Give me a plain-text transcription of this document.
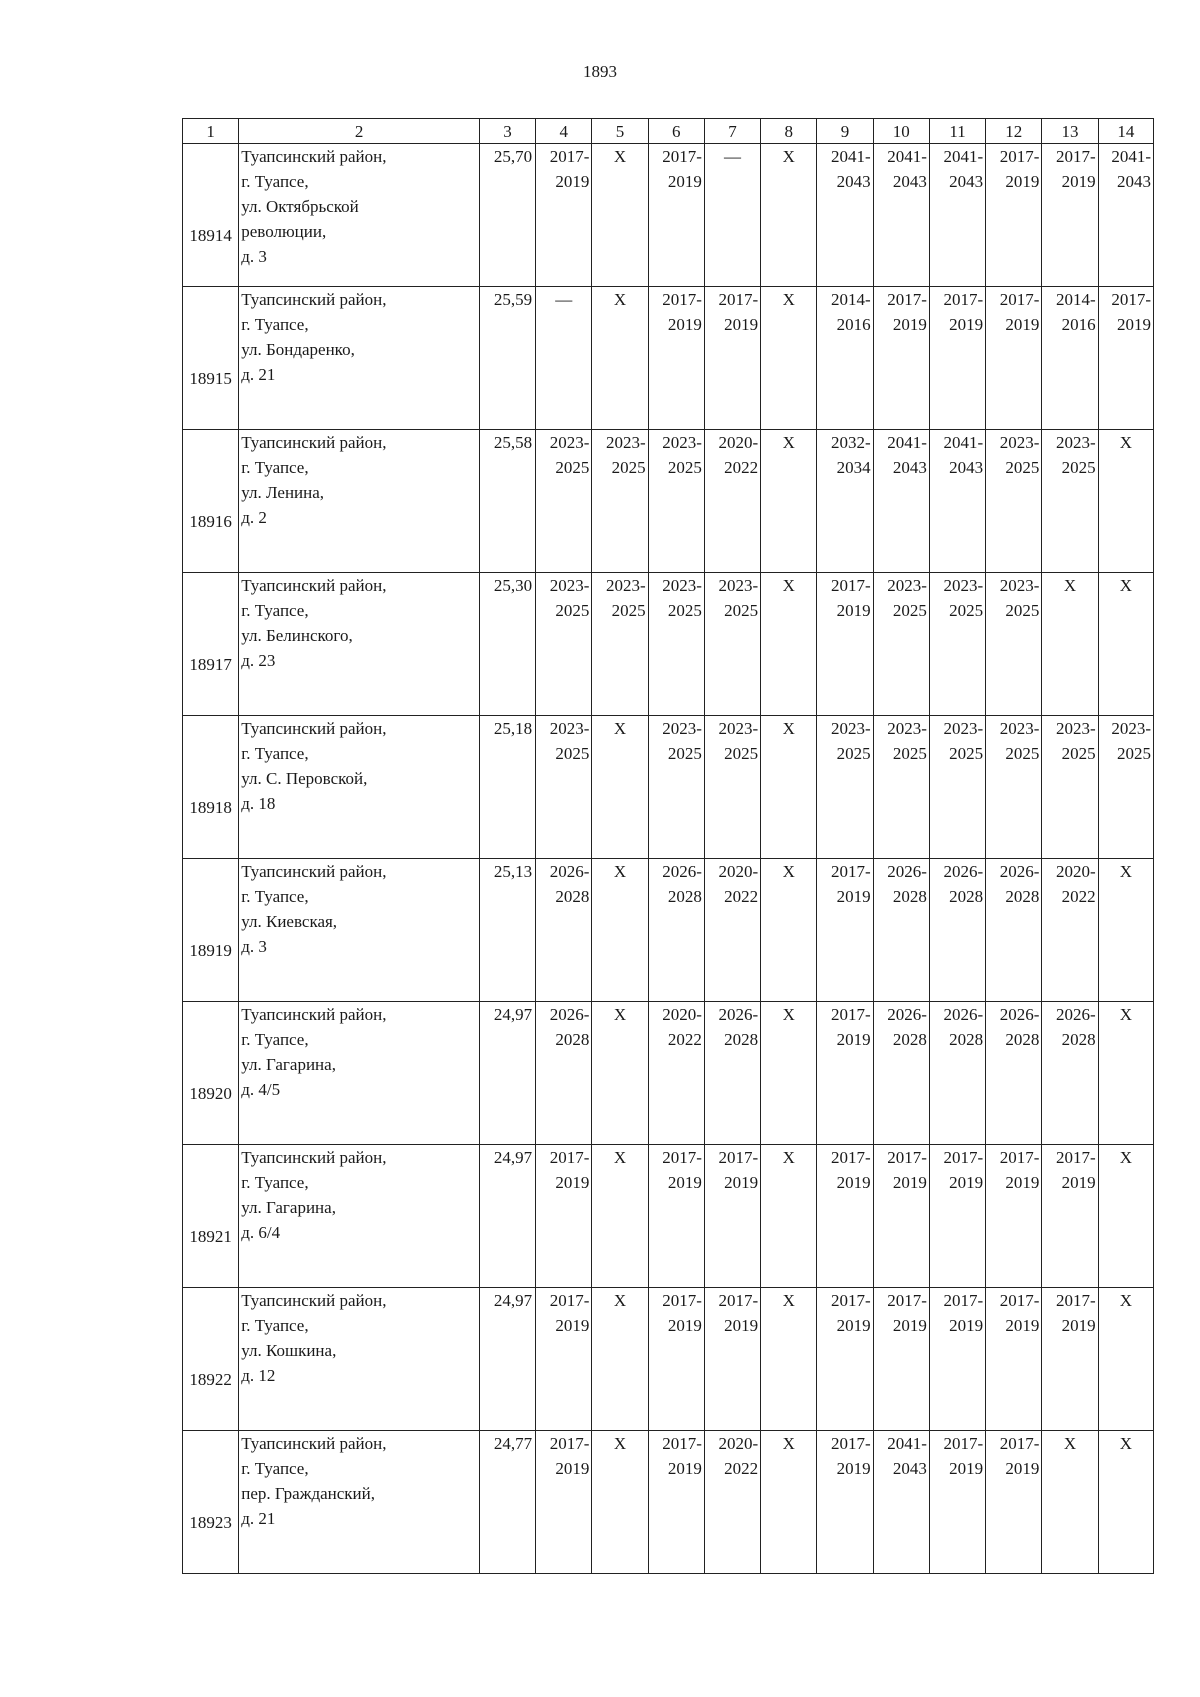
1893
1	2	3	4	5	6	7	8	9	10	11	12	13	14
18914	Туапсинский район,
г. Туапсе,
ул. Октябрьской
революции,
д. 3	25,70	2017-
2019	Х	2017-
2019	—	Х	2041-
2043	2041-
2043	2041-
2043	2017-
2019	2017-
2019	2041-
2043

18915	Туапсинский район,
г. Туапсе,
ул. Бондаренко,
д. 21	25,59	—	Х	2017-
2019	2017-
2019	Х	2014-
2016	2017-
2019	2017-
2019	2017-
2019	2014-
2016	2017-
2019

18916	Туапсинский район,
г. Туапсе,
ул. Ленина,
д. 2	25,58	2023-
2025	2023-
2025	2023-
2025	2020-
2022	Х	2032-
2034	2041-
2043	2041-
2043	2023-
2025	2023-
2025	Х
18917	Туапсинский район,
г. Туапсе,
ул. Белинского,
д. 23	25,30	2023-
2025	2023-
2025	2023-
2025	2023-
2025	Х	2017-
2019	2023-
2025	2023-
2025	2023-
2025	Х	Х
18918	Туапсинский район,
г. Туапсе,
ул. С. Перовской,
д. 18	25,18	2023-
2025	Х	2023-
2025	2023-
2025	Х	2023-
2025	2023-
2025	2023-
2025	2023-
2025	2023-
2025	2023-
2025

18919	Туапсинский район,
г. Туапсе,
ул. Киевская,
д. 3	25,13	2026-
2028	Х	2026-
2028	2020-
2022	Х	2017-
2019	2026-
2028	2026-
2028	2026-
2028	2020-
2022	Х
18920	Туапсинский район,
г. Туапсе,
ул. Гагарина,
д. 4/5	24,97	2026-
2028	Х	2020-
2022	2026-
2028	Х	2017-
2019	2026-
2028	2026-
2028	2026-
2028	2026-
2028	Х
18921	Туапсинский район,
г. Туапсе,
ул. Гагарина,
д. 6/4	24,97	2017-
2019	Х	2017-
2019	2017-
2019	Х	2017-
2019	2017-
2019	2017-
2019	2017-
2019	2017-
2019	Х
18922	Туапсинский район,
г. Туапсе,
ул. Кошкина,
д. 12	24,97	2017-
2019	Х	2017-
2019	2017-
2019	Х	2017-
2019	2017-
2019	2017-
2019	2017-
2019	2017-
2019	Х
18923	Туапсинский район,
г. Туапсе,
пер. Гражданский,
д. 21	24,77	2017-
2019	Х	2017-
2019	2020-
2022	Х	2017-
2019	2041-
2043	2017-
2019	2017-
2019	Х	Х
